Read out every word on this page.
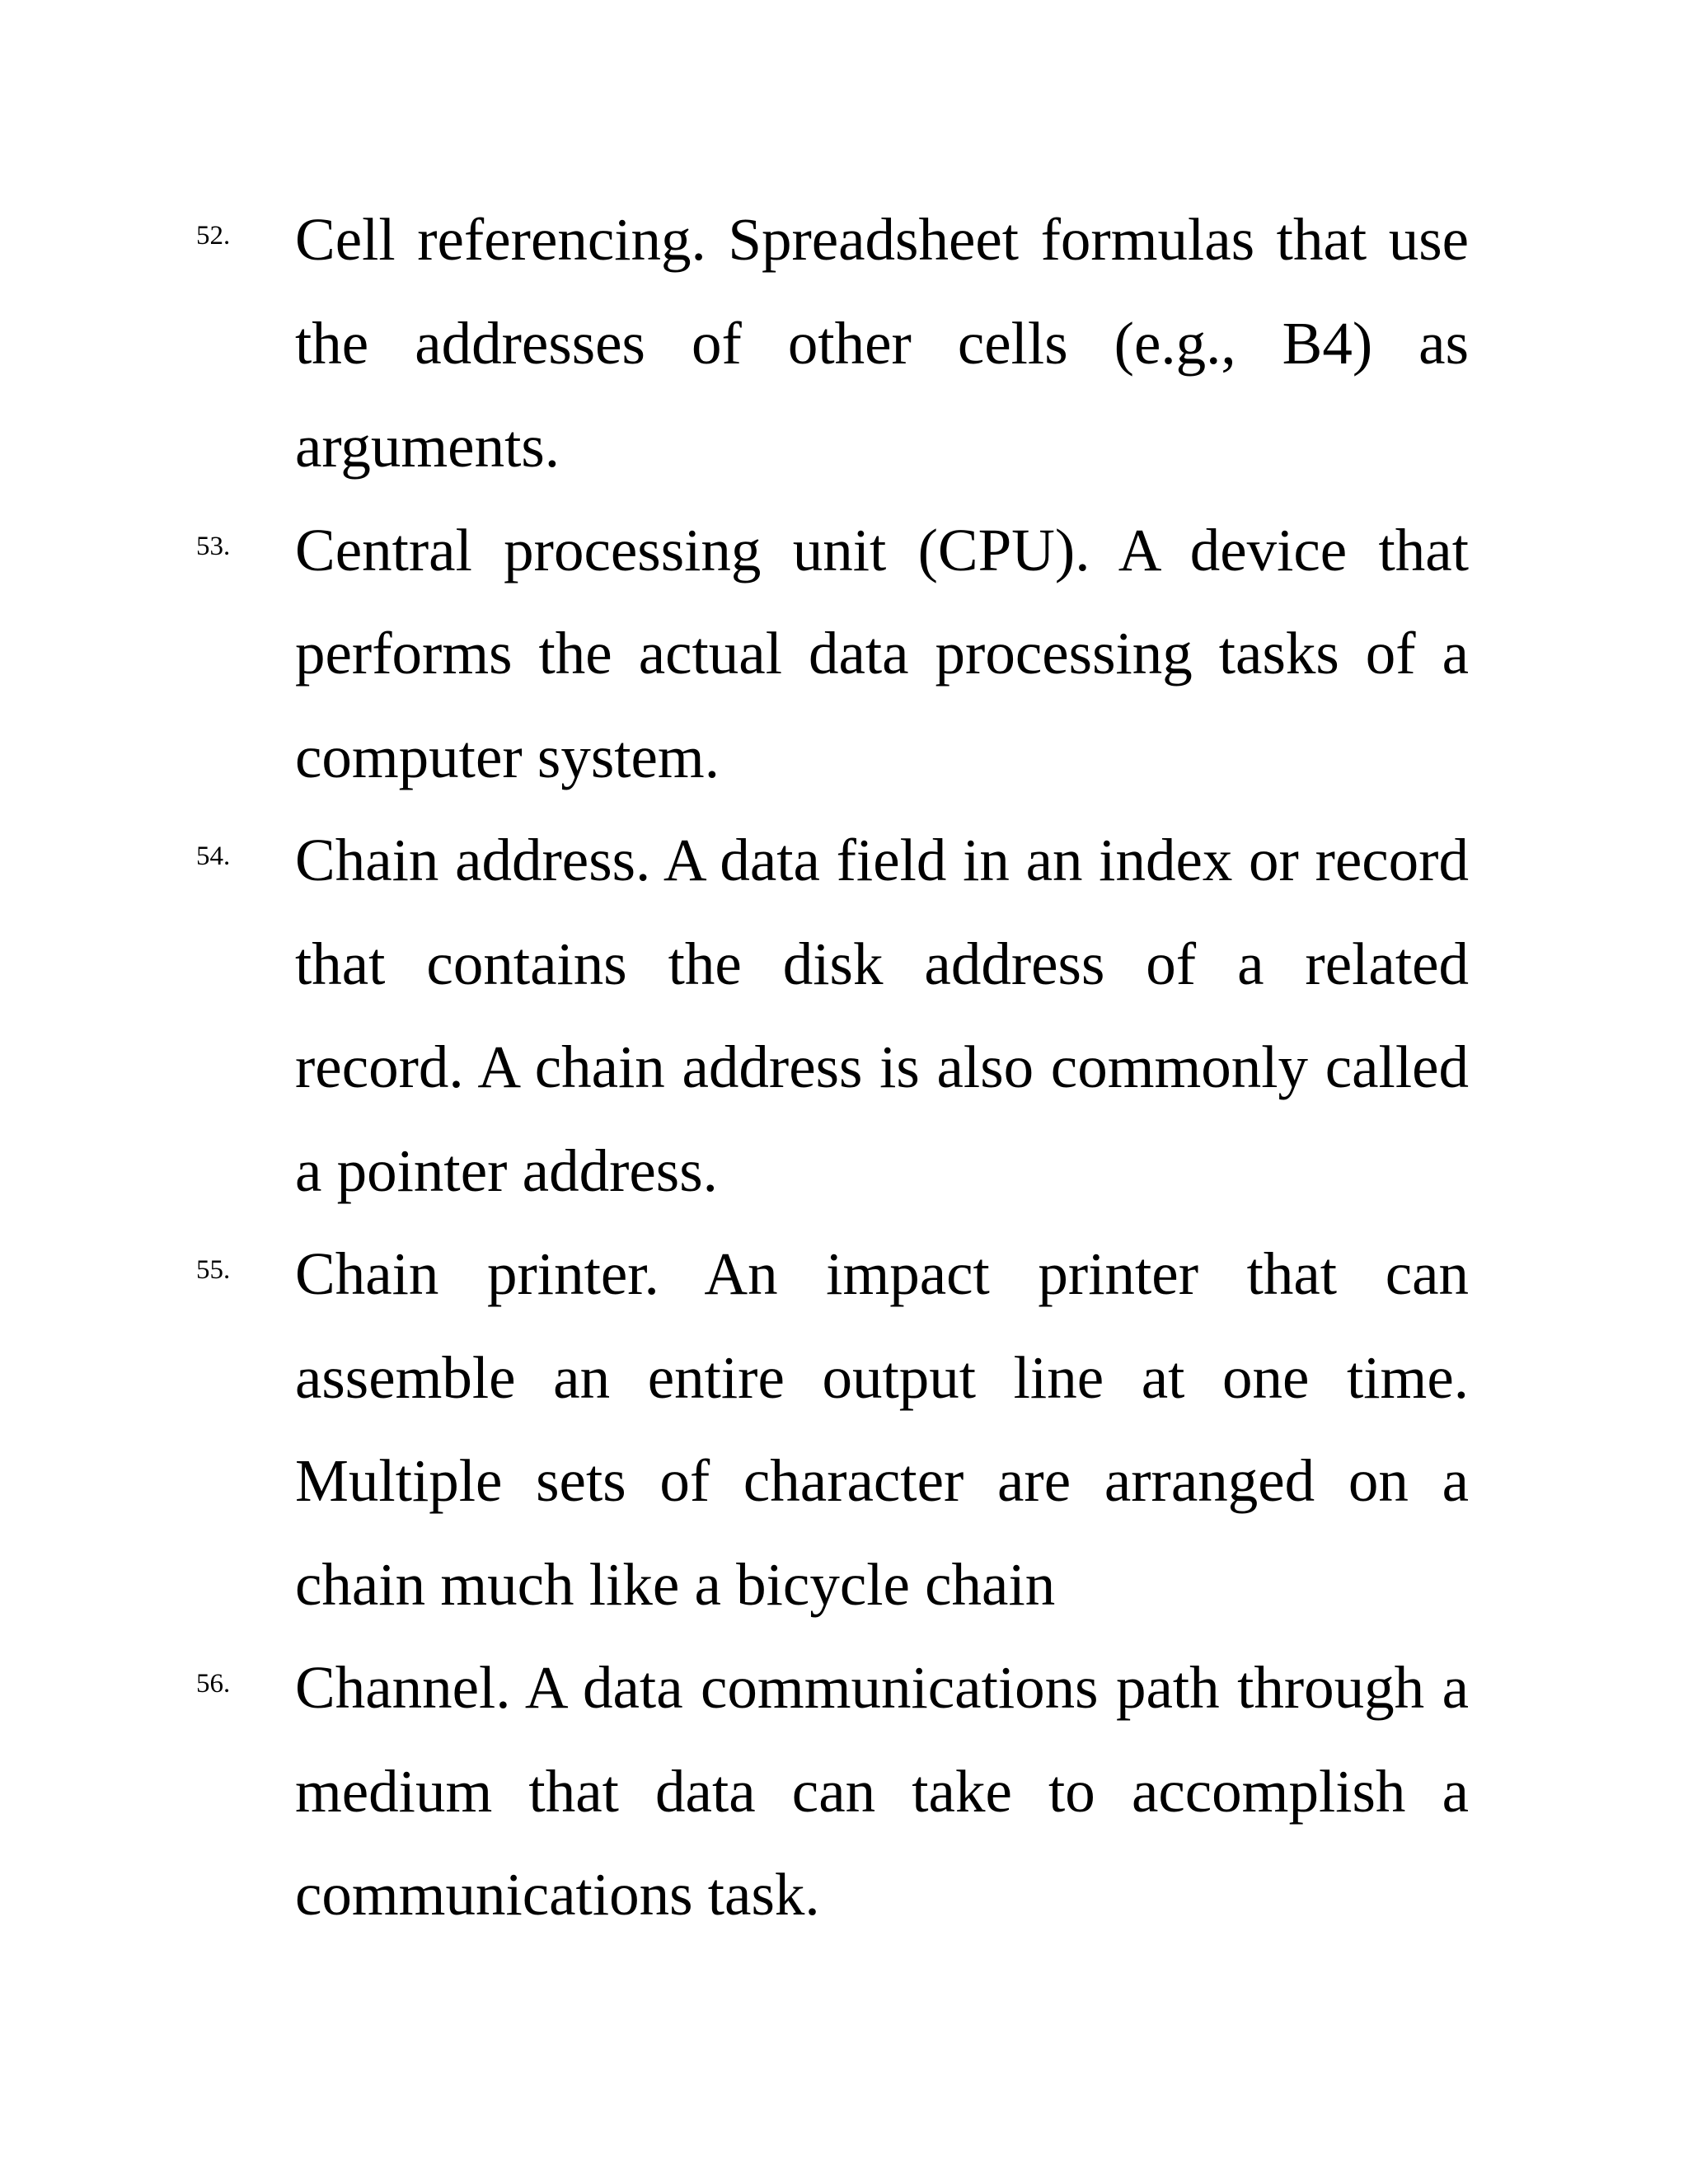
52. Cell referencing. Spreadsheet formulas that use the addresses of other cells (e.g., B4) as arguments.

53. Central processing unit (CPU). A device that performs the actual data processing tasks of a computer system.

54. Chain address. A data field in an index or record that contains the disk address of a related record. A chain address is also commonly called a pointer address.

55. Chain printer. An impact printer that can assemble an entire output line at one time. Multiple sets of character are arranged on a chain much like a bicycle chain

56. Channel. A data communications path through a medium that data can take to accomplish a communications task.
